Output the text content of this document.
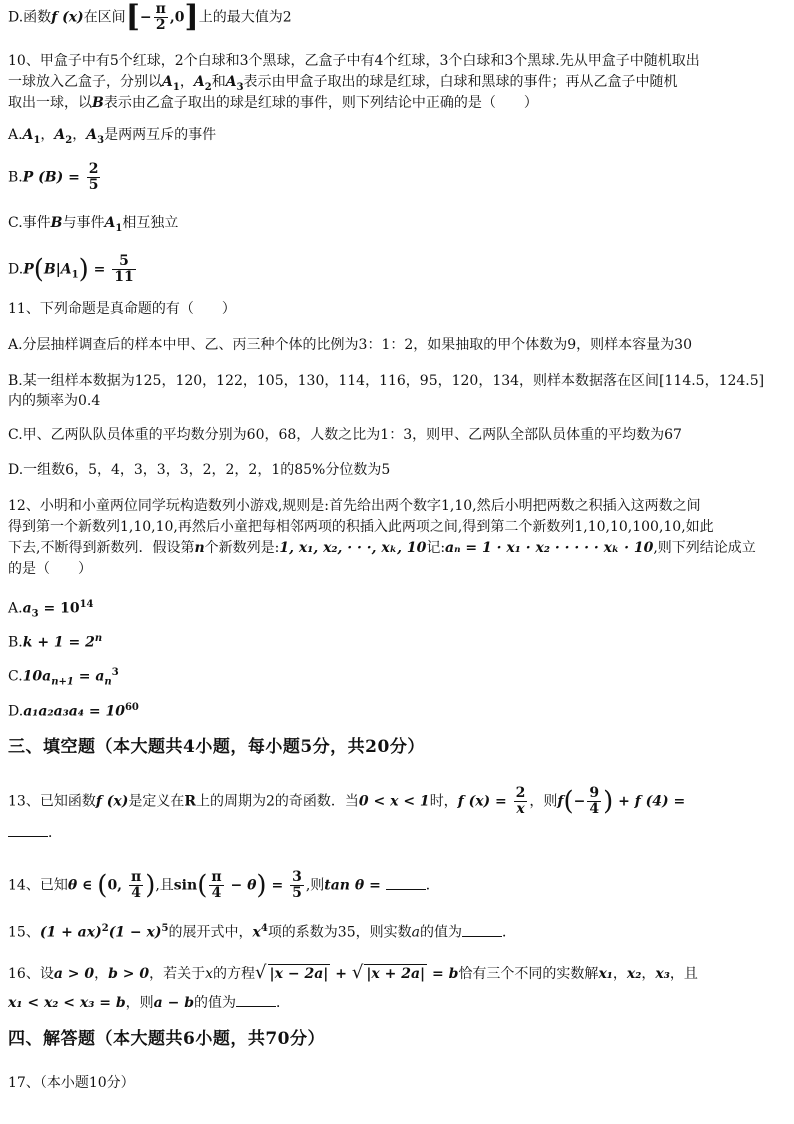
D.函数f (x)在区间[− $\frac{\pi}{2} ,0$]上的最大值为2
10、甲盒子中有5个红球，2个白球和3个黑球，乙盒子中有4个红球，3个白球和3个黑球.先从甲盒子中随机取出
一球放入乙盒子，分别以$A_1$，$A_2$和$A_3$表示由甲盒子取出的球是红球，白球和黑球的事件；再从乙盒子中随机
取出一球，以B表示由乙盒子取出的球是红球的事件，则下列结论中正确的是（　　）
$A.A_1$，$A_2$，$A_3$是两两互斥的事件
B.P $(B) = \frac{2}{5}$
C.事件B与事件$A_1$相互独立
$D.P(B|A_1) = \frac{5}{11}$
11、下列命题是真命题的有（　　）
A.分层抽样调查后的样本中甲、乙、丙三种个体的比例为3：1：2，如果抽取的甲个体数为9，则样本容量为30
B.某一组样本数据为125，120，122，105，130，114，116，95，120，134，则样本数据落在区间[114.5，124.5]
内的频率为0.4
C.甲、乙两队队员体重的平均数分别为60，68，人数之比为1：3，则甲、乙两队全部队员体重的平均数为67
D.一组数6，5，4，3，3，3，2，2，2，1的85%分位数为5
12、小明和小童两位同学玩构造数列小游戏,规则是:首先给出两个数字1,10,然后小明把两数之积插入这两数之间
得到第一个新数列1,10,10,再然后小童把每相邻两项的积插入此两项之间,得到第二个新数列1,10,10,100,10,如此
下去,不断得到新数列．假设第n个新数列是:1, x₁, x₂, · · ·, xₖ, 10记:aₙ = 1 · x₁ · x₂ · · · · · xₖ · 10,则下列结论成立
的是（　　）
$A.a_3 = 10^{14}$
$B.k + 1 = 2^n$
$C.10a_{n+1} = a_n^3$
$D.a_1a_2a_3a_4 = 10^{60}$
三、填空题（本大题共4小题，每小题5分，共20分）
13、已知函数f (x)是定义在R上的周期为2的奇函数．当0 < x < 1时，f $(x) = \frac{2}{x}$ ，则$f(- \frac{9}{4}$ ) + f (4) =
．
14、已知θ ∈ (0, $\frac{\pi}{4}$ ),且$\sin( \frac{\pi}{4} - \theta) = \frac{3}{5}$ ,则tan θ =	．
15、$(1 + ax)^2(1 - x)^5$的展开式中，$x^4$项的系数为35，则实数a的值为	．
16、设a > 0，b > 0，若关于x的方程√ |x − 2a| + √ |x + 2a| = b恰有三个不同的实数解x₁，x₂，x₃，且
x₁ < x₂ < x₃ = b，则a − b的值为	．
四、解答题（本大题共6小题，共70分）
17、（本小题10分）
